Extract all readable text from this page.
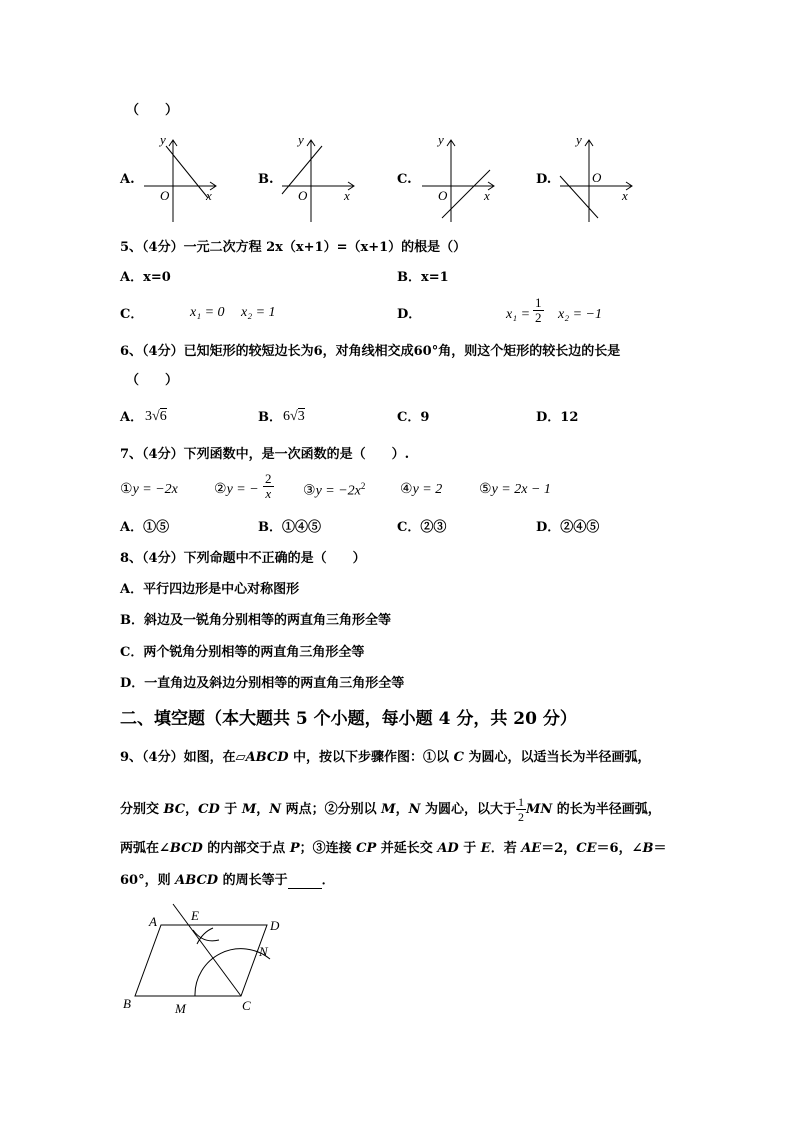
（　　）
A.
y
O	x
B.
y
O	x
C.
y
O	x
D.
y
O
x
5、（4分）一元二次方程 2x（x+1）=（x+1）的根是（）
A．x=0	B．x=1
C．	x₁ = 0 x₂ = 1	D．	$x_1 = \frac{1}{2} x_2 = -1$
6、（4分）已知矩形的较短边长为6，对角线相交成60°角，则这个矩形的较长边的长是
（　　）
A． 3√6	B． 6√3	C．9	D．12
7、（4分）下列函数中，是一次函数的是（　　）.
①y = −2x	②y = − $\frac{2}{x}$ ③y = $-2x^2$ ④y = 2	⑤y = 2x − 1
A．①⑤	B．①④⑤	C．②③	D．②④⑤
8、（4分）下列命题中不正确的是（　　）
A．平行四边形是中心对称图形
B．斜边及一锐角分别相等的两直角三角形全等
C．两个锐角分别相等的两直角三角形全等
D．一直角边及斜边分别相等的两直角三角形全等
二、填空题（本大题共 5 个小题，每小题 4 分，共 20 分）
9、（4分）如图，在▱ABCD 中，按以下步骤作图：①以 C 为圆心，以适当长为半径画弧，
分别交 BC，CD 于 M，N 两点；②分别以 M，N 为圆心，以大于 $\frac{1}{2}$ MN 的长为半径画弧，
两弧在∠BCD 的内部交于点 P；③连接 CP 并延长交 AD 于 E．若 AE＝2，CE＝6，∠B＝
60°，则 ABCD 的周长等于	．
A	E
D
N
B	M	C
